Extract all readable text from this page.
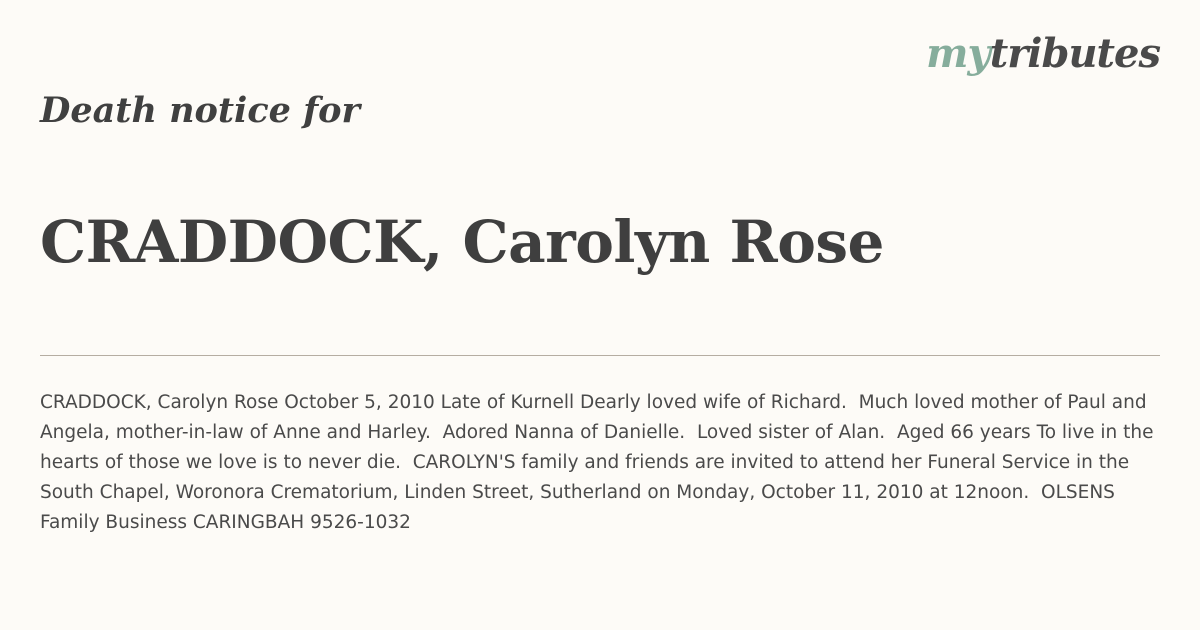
mytributes
Death notice for
CRADDOCK, Carolyn Rose

CRADDOCK, Carolyn Rose October 5, 2010 Late of Kurnell Dearly loved wife of Richard.  Much loved mother of Paul and Angela, mother-in-law of Anne and Harley.  Adored Nanna of Danielle.  Loved sister of Alan.  Aged 66 years To live in the hearts of those we love is to never die.  CAROLYN'S family and friends are invited to attend her Funeral Service in the South Chapel, Woronora Crematorium, Linden Street, Sutherland on Monday, October 11, 2010 at 12noon.  OLSENS Family Business CARINGBAH 9526-1032
